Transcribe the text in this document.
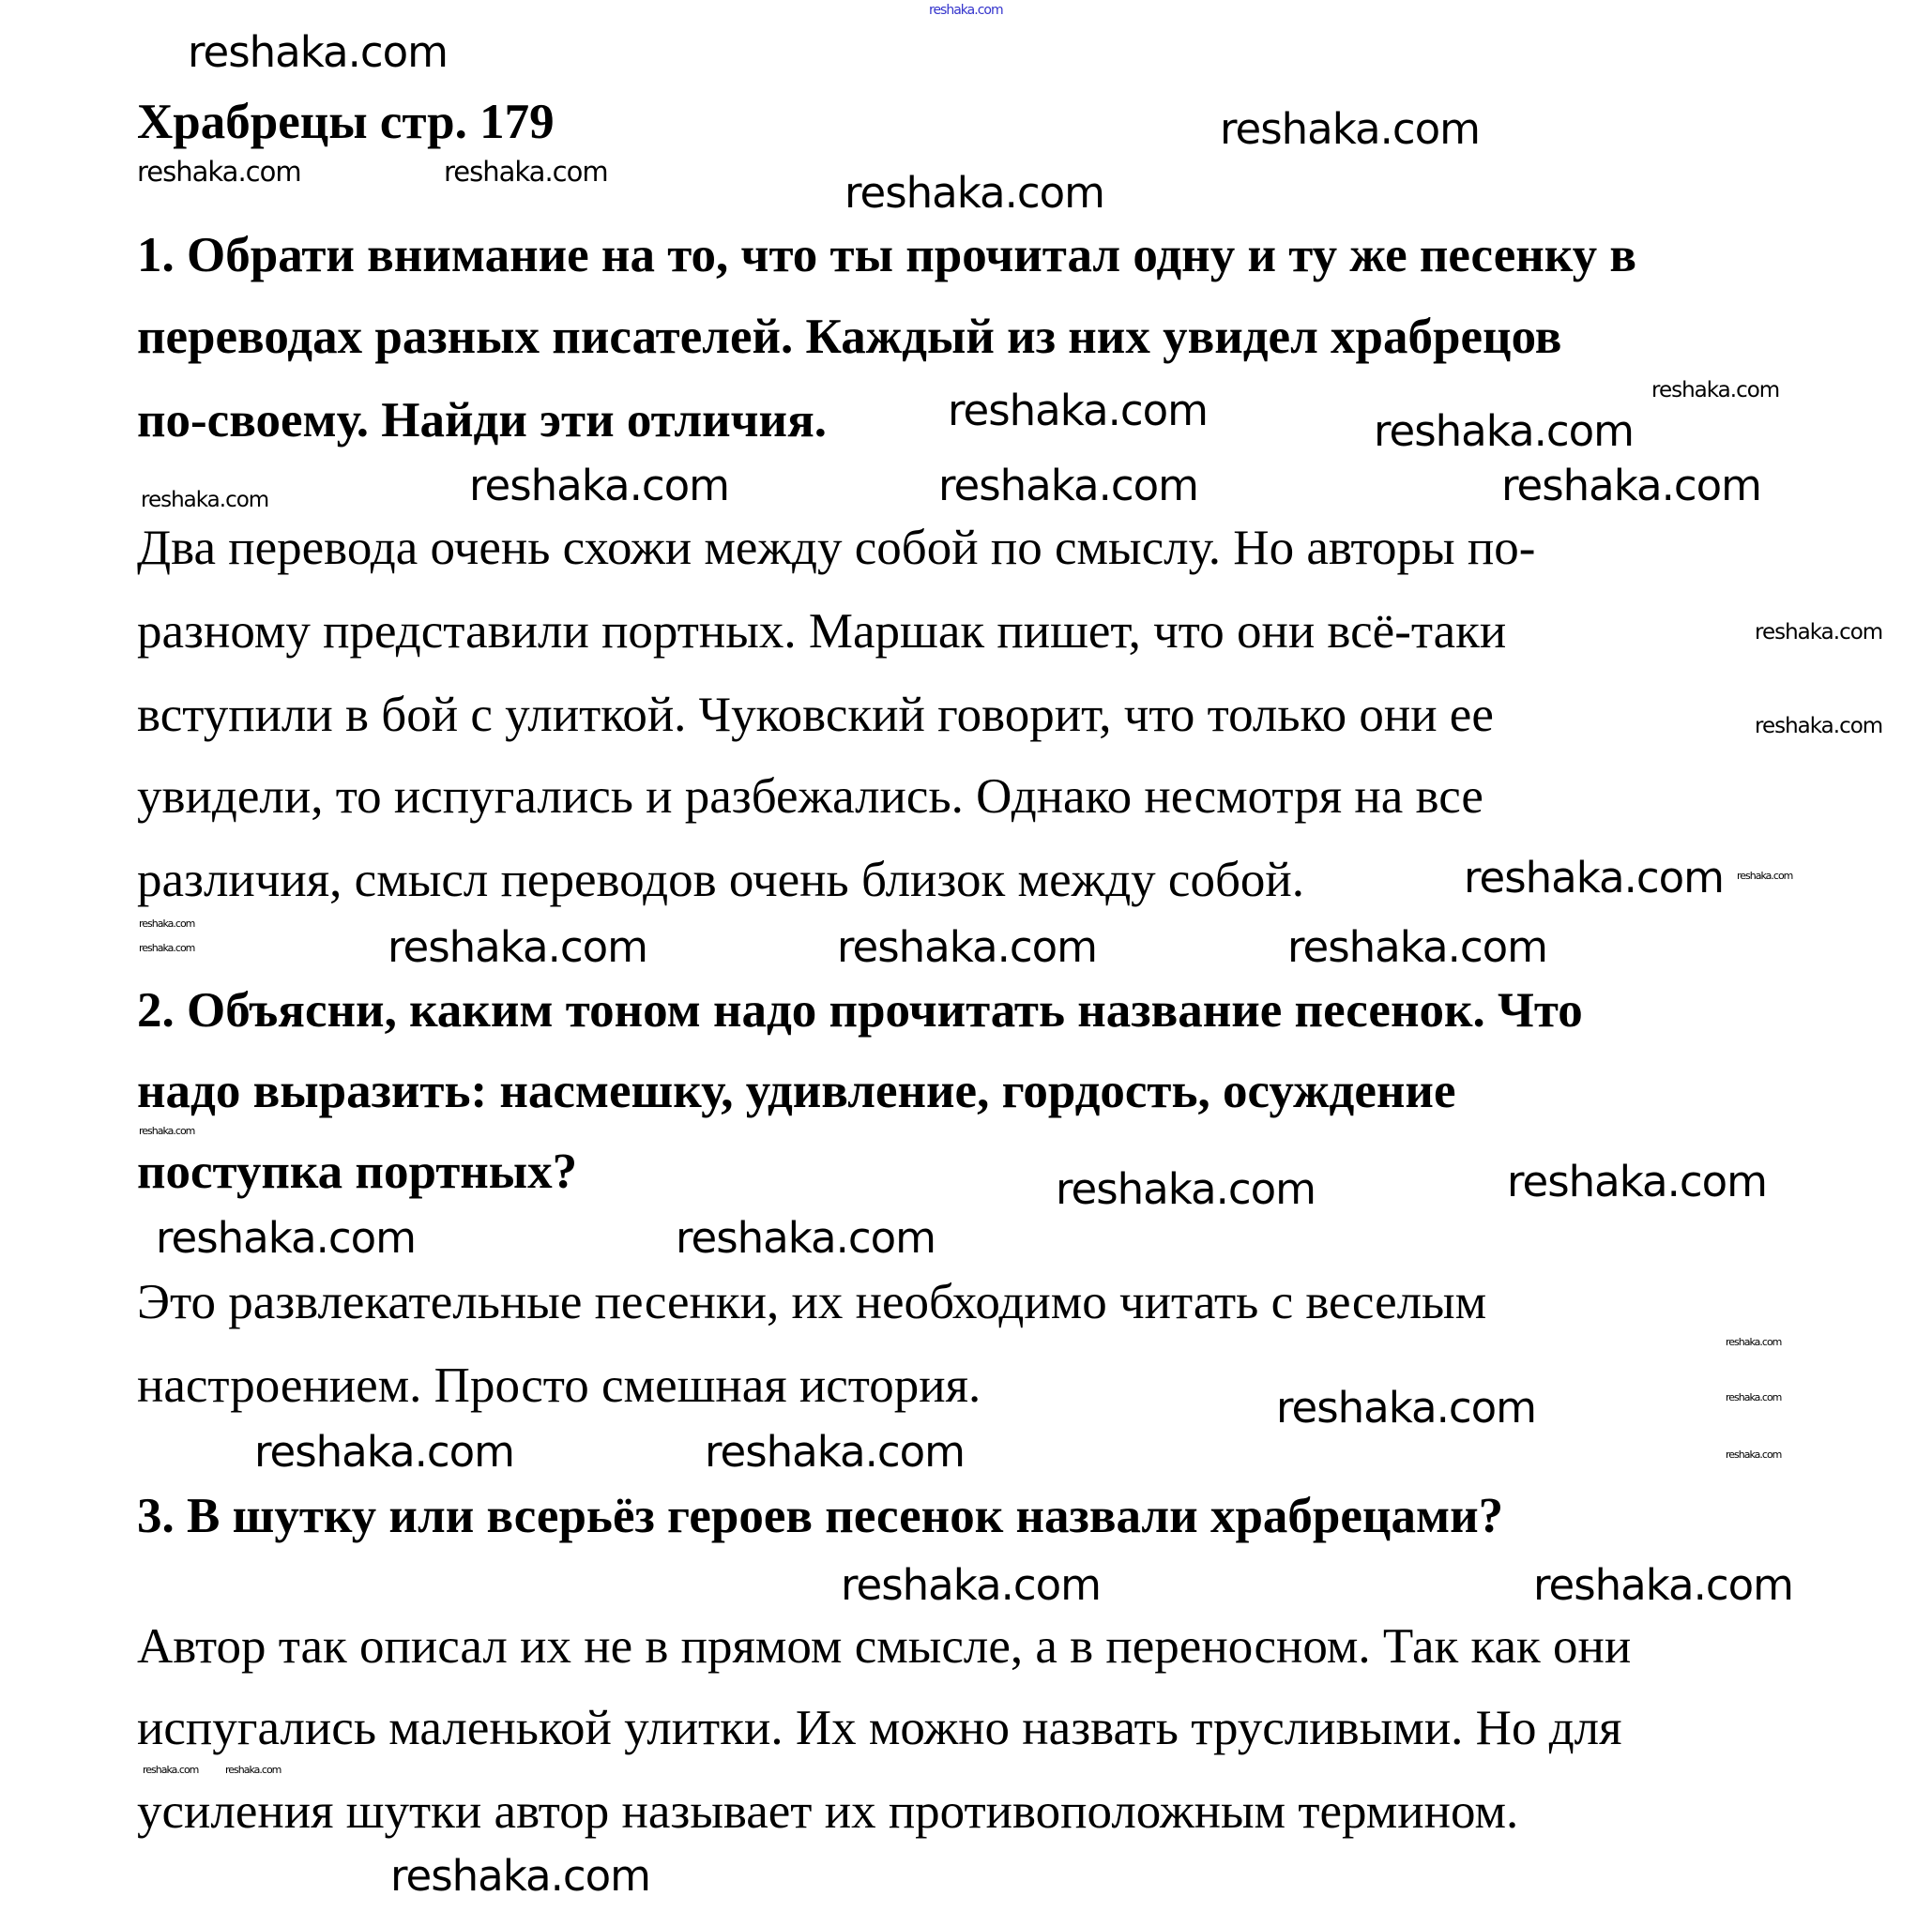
reshaka.com
Храбрецы стр. 179
1. Обрати внимание на то, что ты прочитал одну и ту же песенку в
переводах разных писателей. Каждый из них увидел храбрецов
по-своему. Найди эти отличия.
Два перевода очень схожи между собой по смыслу. Но авторы по-
разному представили портных. Маршак пишет, что они всё-таки
вступили в бой с улиткой. Чуковский говорит, что только они ее
увидели, то испугались и разбежались. Однако несмотря на все
различия, смысл переводов очень близок между собой.
2. Объясни, каким тоном надо прочитать название песенок. Что
надо выразить: насмешку, удивление, гордость, осуждение
поступка портных?
Это развлекательные песенки, их необходимо читать с веселым
настроением. Просто смешная история.
3. В шутку или всерьёз героев песенок назвали храбрецами?
Автор так описал их не в прямом смысле, а в переносном. Так как они
испугались маленькой улитки. Их можно назвать трусливыми. Но для
усиления шутки автор называет их противоположным термином.
reshaka.com	reshaka.com
reshaka.com
reshaka.com
reshaka.com
reshaka.com
reshaka.com
reshaka.com
reshaka.com	reshaka.com	reshaka.com
reshaka.com
reshaka.com
reshaka.com
reshaka.com reshaka.com
reshaka.com
reshaka.com	reshaka.com	reshaka.com	reshaka.com
reshaka.com
reshaka.com
reshaka.com
reshaka.com
reshaka.com
reshaka.com
reshaka.com
reshaka.com
reshaka.com
reshaka.com
reshaka.com
reshaka.com	reshaka.com
reshaka.com	reshaka.com
reshaka.com
